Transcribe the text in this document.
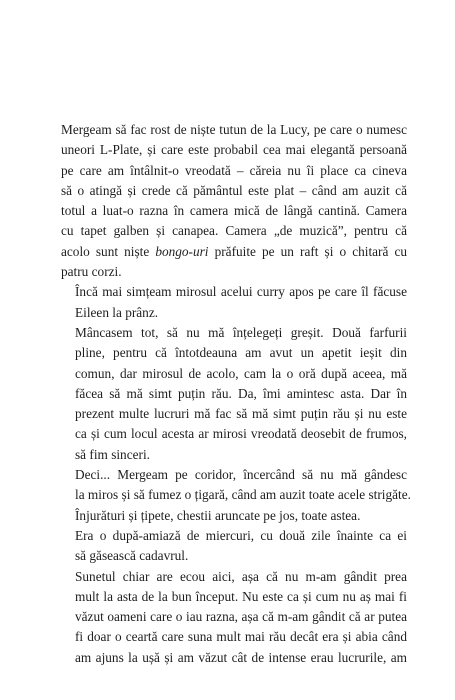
Mergeam să fac rost de niște tutun de la Lucy, pe care o numesc
uneori L-Plate, și care este probabil cea mai elegantă persoană
pe care am întâlnit-o vreodată – căreia nu îi place ca cineva
să o atingă și crede că pământul este plat – când am auzit că
totul a luat-o razna în camera mică de lângă cantină. Camera
cu tapet galben și canapea. Camera „de muzică”, pentru că
acolo sunt niște bongo-uri prăfuite pe un raft și o chitară cu
patru corzi.

Încă mai simțeam mirosul acelui curry apos pe care îl făcuse
Eileen la prânz.

Mâncasem tot, să nu mă înțelegeți greșit. Două farfurii
pline, pentru că întotdeauna am avut un apetit ieșit din
comun, dar mirosul de acolo, cam la o oră după aceea, mă
făcea să mă simt puțin rău. Da, îmi amintesc asta. Dar în
prezent multe lucruri mă fac să mă simt puțin rău și nu este
ca și cum locul acesta ar mirosi vreodată deosebit de frumos,
să fim sinceri.

Deci... Mergeam pe coridor, încercând să nu mă gândesc
la miros și să fumez o țigară, când am auzit toate acele strigăte.

Înjurături și țipete, chestii aruncate pe jos, toate astea.

Era o după-amiază de miercuri, cu două zile înainte ca ei
să găsească cadavrul.

Sunetul chiar are ecou aici, așa că nu m-am gândit prea
mult la asta de la bun început. Nu este ca și cum nu aș mai fi
văzut oameni care o iau razna, așa că m-am gândit că ar putea
fi doar o ceartă care suna mult mai rău decât era și abia când
am ajuns la ușă și am văzut cât de intense erau lucrurile, am
